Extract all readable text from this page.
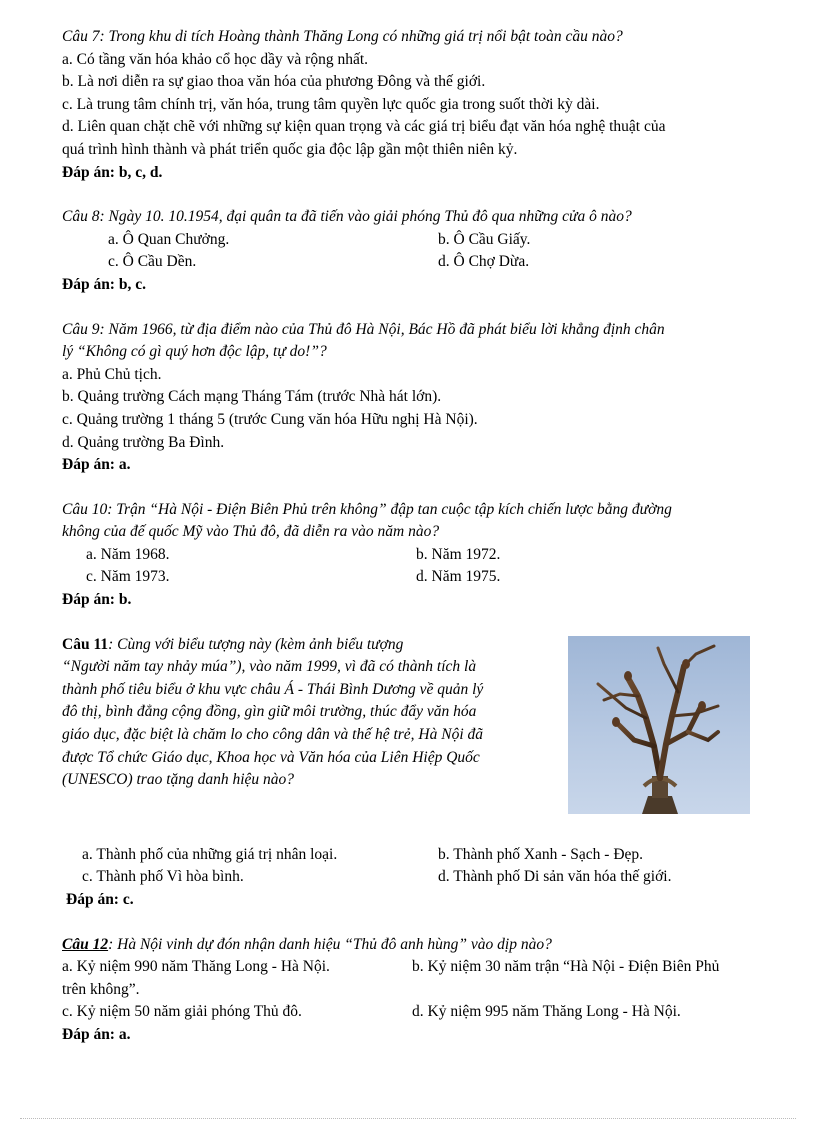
Câu 7: Trong khu di tích Hoàng thành Thăng Long có những giá trị nổi bật toàn cầu nào?
a. Có tầng văn hóa khảo cổ học dầy và rộng nhất.
b. Là nơi diễn ra sự giao thoa văn hóa của phương Đông và thế giới.
c. Là trung tâm chính trị, văn hóa, trung tâm quyền lực quốc gia trong suốt thời kỳ dài.
d. Liên quan chặt chẽ với những sự kiện quan trọng và các giá trị biểu đạt văn hóa nghệ thuật của
quá trình hình thành và phát triển quốc gia độc lập gần một thiên niên kỷ.
Đáp án: b, c, d.
Câu 8: Ngày 10. 10.1954, đại quân ta đã tiến vào giải phóng Thủ đô qua những cửa ô nào?
a. Ô Quan Chưởng.	b. Ô Cầu Giấy.
c. Ô Cầu Dền.	d. Ô Chợ Dừa.
Đáp án: b, c.
Câu 9: Năm 1966, từ địa điểm nào của Thủ đô Hà Nội, Bác Hồ đã phát biểu lời khẳng định chân
lý “Không có gì quý hơn độc lập, tự do!”?
a. Phủ Chủ tịch.
b. Quảng trường Cách mạng Tháng Tám (trước Nhà hát lớn).
c. Quảng trường 1 tháng 5 (trước Cung văn hóa Hữu nghị Hà Nội).
d. Quảng trường Ba Đình.
Đáp án: a.
Câu 10: Trận “Hà Nội - Điện Biên Phủ trên không” đập tan cuộc tập kích chiến lược bằng đường
không của đế quốc Mỹ vào Thủ đô, đã diễn ra vào năm nào?
a. Năm 1968.	b. Năm 1972.
c. Năm 1973.	d. Năm 1975.
Đáp án: b.
Câu 11: Cùng với biểu tượng này (kèm ảnh biểu tượng
“Người năm tay nhảy múa”), vào năm 1999, vì đã có thành tích là
thành phố tiêu biểu ở khu vực châu Á - Thái Bình Dương về quản lý
đô thị, bình đẳng cộng đồng, gìn giữ môi trường, thúc đẩy văn hóa
giáo dục, đặc biệt là chăm lo cho công dân và thế hệ trẻ, Hà Nội đã
được Tổ chức Giáo dục, Khoa học và Văn hóa của Liên Hiệp Quốc
(UNESCO) trao tặng danh hiệu nào?
a. Thành phố của những giá trị nhân loại.	b. Thành phố Xanh - Sạch - Đẹp.
c. Thành phố Vì hòa bình.	d. Thành phố Di sản văn hóa thế giới.
Đáp án: c.
Câu 12: Hà Nội vinh dự đón nhận danh hiệu “Thủ đô anh hùng” vào dịp nào?
a. Kỷ niệm 990 năm Thăng Long - Hà Nội.	b. Kỷ niệm 30 năm trận “Hà Nội - Điện Biên Phủ
trên không”.
c. Kỷ niệm 50 năm giải phóng Thủ đô.	d. Kỷ niệm 995 năm Thăng Long - Hà Nội.
Đáp án: a.
